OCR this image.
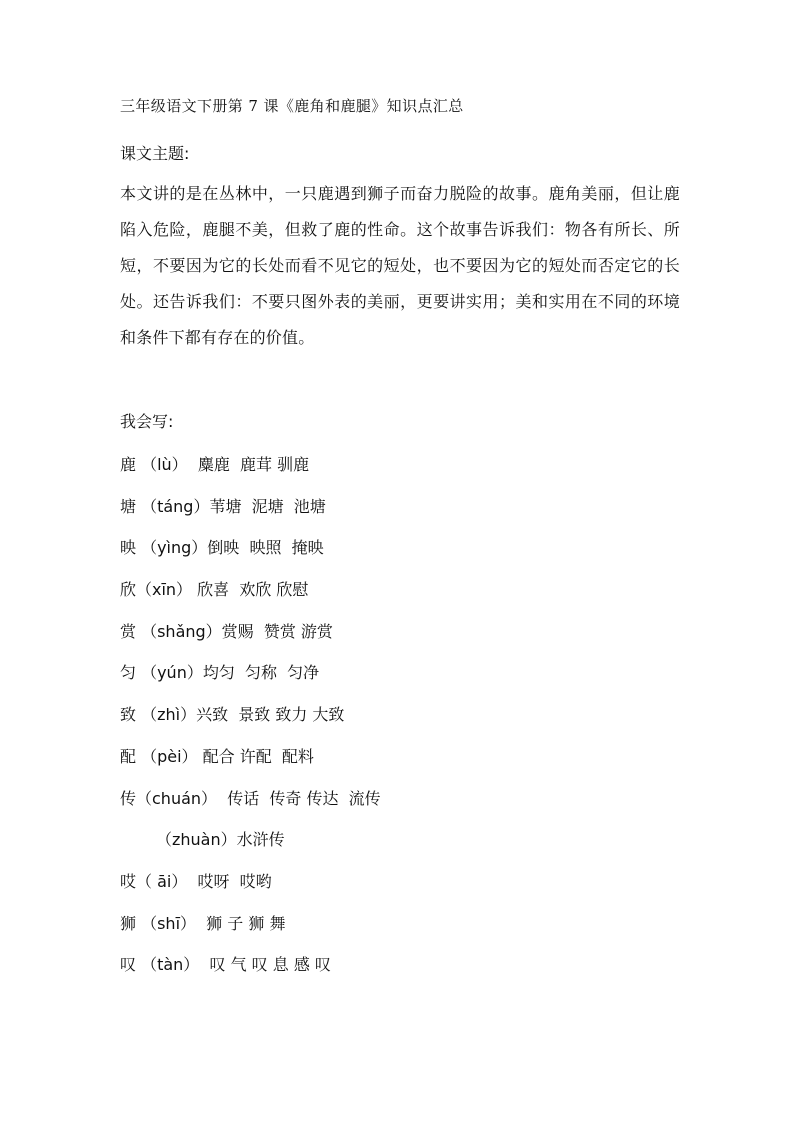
三年级语文下册第 7 课《鹿角和鹿腿》知识点汇总
课文主题:
本文讲的是在丛林中，一只鹿遇到狮子而奋力脱险的故事。鹿角美丽，但让鹿陷入危险，鹿腿不美，但救了鹿的性命。这个故事告诉我们：物各有所长、所短，不要因为它的长处而看不见它的短处，也不要因为它的短处而否定它的长处。还告诉我们：不要只图外表的美丽，更要讲实用；美和实用在不同的环境和条件下都有存在的价值。
我会写:
鹿 （lù）  麋鹿  鹿茸 驯鹿
塘 （táng）苇塘  泥塘  池塘
映 （yìng）倒映  映照  掩映
欣（xīn） 欣喜  欢欣 欣慰
赏 （shǎng）赏赐  赞赏 游赏
匀 （yún）均匀  匀称  匀净
致 （zhì）兴致  景致 致力 大致
配 （pèi） 配合 许配  配料
传（chuán）  传话  传奇 传达  流传
（zhuàn）水浒传
哎（ āi）  哎呀  哎哟
狮 （shī）  狮 子 狮 舞
叹 （tàn）  叹 气 叹 息 感 叹
